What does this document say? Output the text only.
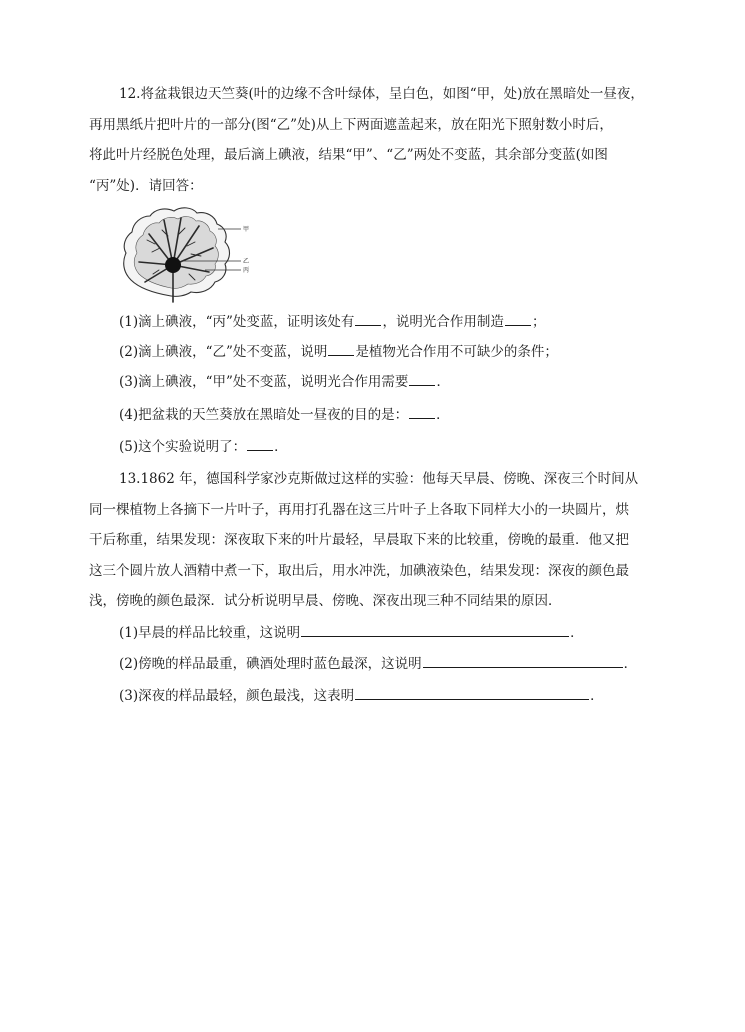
12.将盆栽银边天竺葵(叶的边缘不含叶绿体，呈白色，如图“甲，处)放在黑暗处一昼夜，
再用黑纸片把叶片的一部分(图“乙”处)从上下两面遮盖起来，放在阳光下照射数小时后，
将此叶片经脱色处理，最后滴上碘液，结果“甲”、“乙”两处不变蓝，其余部分变蓝(如图
“丙”处)．请回答：
甲
乙
丙
(1)滴上碘液，“丙”处变蓝，证明该处有 ，说明光合作用制造 ；
(2)滴上碘液，“乙”处不变蓝，说明 是植物光合作用不可缺少的条件；
(3)滴上碘液，“甲”处不变蓝，说明光合作用需要 ．
(4)把盆栽的天竺葵放在黑暗处一昼夜的目的是： ．
(5)这个实验说明了： ．
13.1862 年，德国科学家沙克斯做过这样的实验：他每天早晨、傍晚、深夜三个时间从
同一棵植物上各摘下一片叶子，再用打孔器在这三片叶子上各取下同样大小的一块圆片，烘
干后称重，结果发现：深夜取下来的叶片最轻，早晨取下来的比较重，傍晚的最重．他又把
这三个圆片放人酒精中煮一下，取出后，用水冲洗，加碘液染色，结果发现：深夜的颜色最
浅，傍晚的颜色最深．试分析说明早晨、傍晚、深夜出现三种不同结果的原因．
(1)早晨的样品比较重，这说明	．
(2)傍晚的样品最重，碘酒处理时蓝色最深，这说明	．
(3)深夜的样品最轻，颜色最浅，这表明	．
